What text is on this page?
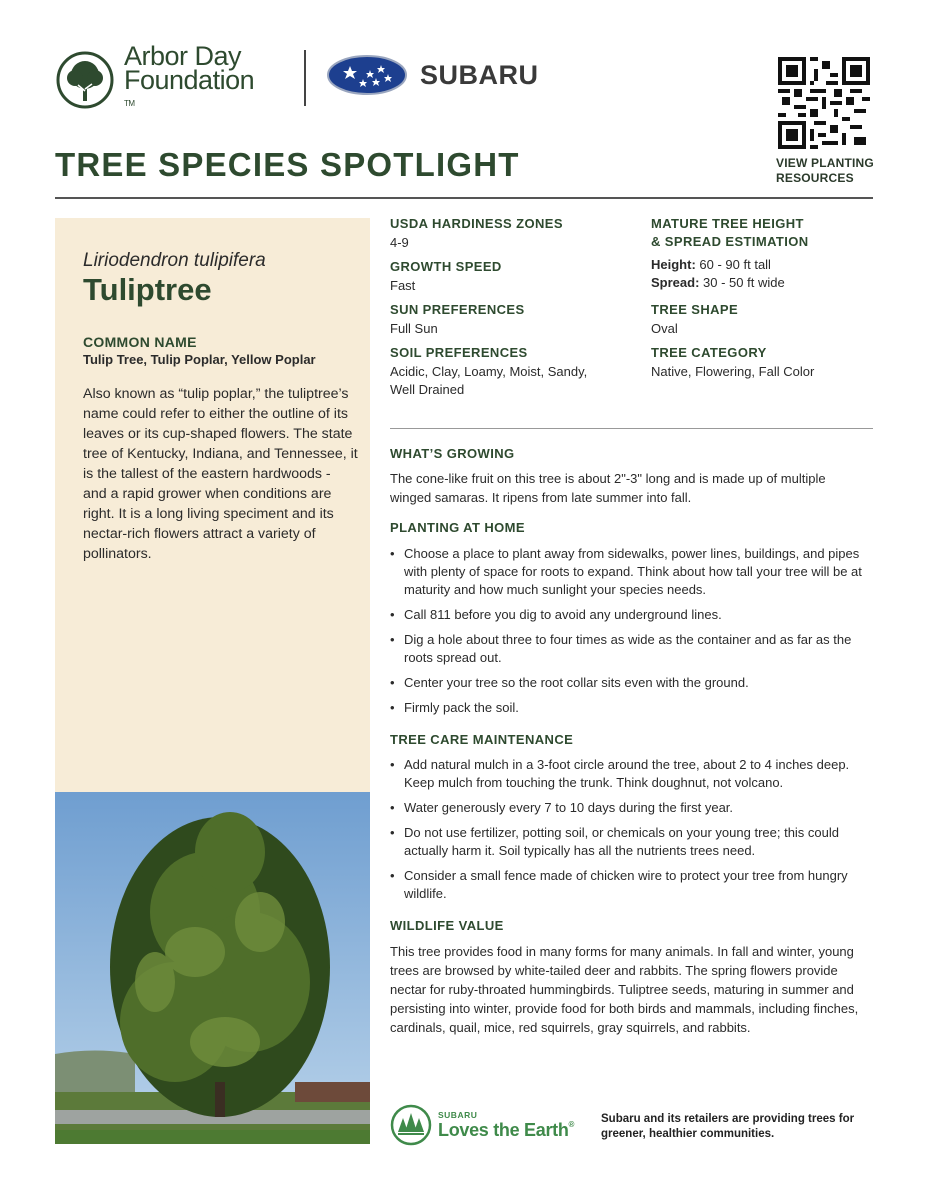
Arbor Day
Foundation
TM
SUBARU
VIEW PLANTING
RESOURCES
TREE SPECIES SPOTLIGHT
Liriodendron tulipifera
Tuliptree
COMMON NAME
Tulip Tree, Tulip Poplar, Yellow Poplar
Also known as “tulip poplar,” the tuliptree’s name could refer to either the outline of its leaves or its cup-shaped flowers. The state tree of Kentucky, Indiana, and Tennessee, it is the tallest of the eastern hardwoods - and a rapid grower when conditions are right. It is a long living speciment and its nectar-rich flowers attract a variety of pollinators.
USDA HARDINESS ZONES
4-9
GROWTH SPEED
Fast
SUN PREFERENCES
Full Sun
SOIL PREFERENCES
Acidic, Clay, Loamy, Moist, Sandy, Well Drained
MATURE TREE HEIGHT
& SPREAD ESTIMATION
Height: 60 - 90 ft tall
Spread: 30 - 50 ft wide
TREE SHAPE
Oval
TREE CATEGORY
Native, Flowering, Fall Color
WHAT’S GROWING
The cone-like fruit on this tree is about 2"-3" long and is made up of multiple winged samaras. It ripens from late summer into fall.
PLANTING AT HOME
• Choose a place to plant away from sidewalks, power lines, buildings, and pipes with plenty of space for roots to expand. Think about how tall your tree will be at maturity and how much sunlight your species needs.
• Call 811 before you dig to avoid any underground lines.
• Dig a hole about three to four times as wide as the container and as far as the roots spread out.
• Center your tree so the root collar sits even with the ground.
• Firmly pack the soil.
TREE CARE MAINTENANCE
• Add natural mulch in a 3-foot circle around the tree, about 2 to 4 inches deep. Keep mulch from touching the trunk. Think doughnut, not volcano.
• Water generously every 7 to 10 days during the first year.
• Do not use fertilizer, potting soil, or chemicals on your young tree; this could actually harm it. Soil typically has all the nutrients trees need.
• Consider a small fence made of chicken wire to protect your tree from hungry wildlife.
WILDLIFE VALUE
This tree provides food in many forms for many animals. In fall and winter, young trees are browsed by white-tailed deer and rabbits. The spring flowers provide nectar for ruby-throated hummingbirds. Tuliptree seeds, maturing in summer and persisting into winter, provide food for both birds and mammals, including finches, cardinals, quail, mice, red squirrels, gray squirrels, and rabbits.
SUBARU
Loves the Earth® Subaru and its retailers are providing trees for greener, healthier communities.
